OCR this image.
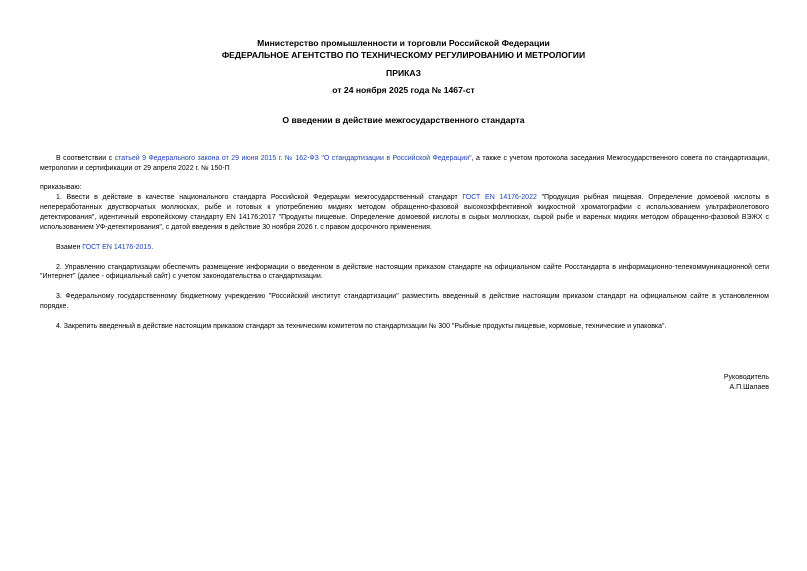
Министерство промышленности и торговли Российской Федерации
ФЕДЕРАЛЬНОЕ АГЕНТСТВО ПО ТЕХНИЧЕСКОМУ РЕГУЛИРОВАНИЮ И МЕТРОЛОГИИ
ПРИКАЗ
от 24 ноября 2025 года № 1467-ст
О введении в действие межгосударственного стандарта

В соответствии с статьей 9 Федерального закона от 29 июня 2015 г. № 162-ФЗ "О стандартизации в Российской Федерации", а также с учетом протокола заседания Межгосударственного совета по стандартизации, метрологии и сертификации от 29 апреля 2022 г. № 150-П

приказываю:

1. Ввести в действие в качестве национального стандарта Российской Федерации межгосударственный стандарт ГОСТ EN 14176-2022 "Продукция рыбная пищевая. Определение домоевой кислоты в непереработанных двустворчатых моллюсках, рыбе и готовых к употреблению мидиях методом обращенно-фазовой высокоэффективной жидкостной хроматографии с использованием ультрафиолетового детектирования", идентичный европейскому стандарту EN 14176:2017 "Продукты пищевые. Определение домоевой кислоты в сырых моллюсках, сырой рыбе и вареных мидиях методом обращенно-фазовой ВЭЖХ с использованием УФ-детектирования", с датой введения в действие 30 ноября 2026 г. с правом досрочного применения.

Взамен ГОСТ EN 14176-2015.

2. Управлению стандартизации обеспечить размещение информации о введенном в действие настоящим приказом стандарте на официальном сайте Росстандарта в информационно-телекоммуникационной сети "Интернет" (далее - официальный сайт) с учетом законодательства о стандартизации.

3. Федеральному государственному бюджетному учреждению "Российский институт стандартизации" разместить введенный в действие настоящим приказом стандарт на официальном сайте в установленном порядке.

4. Закрепить введенный в действие настоящим приказом стандарт за техническим комитетом по стандартизации № 300 "Рыбные продукты пищевые, кормовые, технические и упаковка".

Руководитель
А.П.Шалаев
